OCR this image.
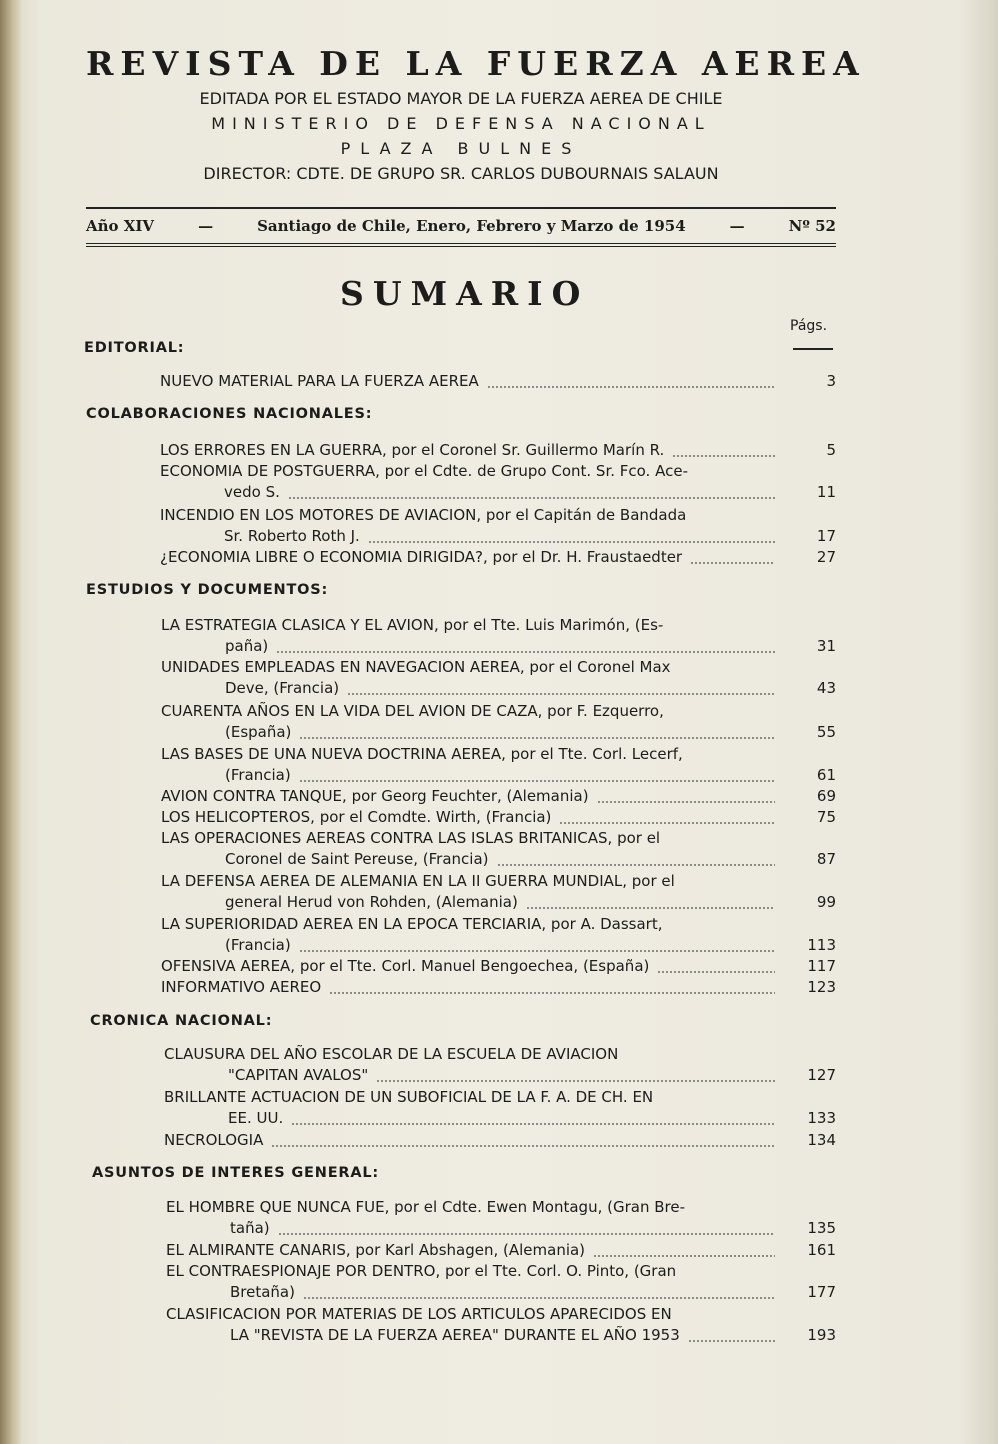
REVISTA DE LA FUERZA AEREA
EDITADA POR EL ESTADO MAYOR DE LA FUERZA AEREA DE CHILE
MINISTERIO DE DEFENSA NACIONAL
PLAZA BULNES
DIRECTOR: CDTE. DE GRUPO SR. CARLOS DUBOURNAIS SALAUN
Año XIV	—	Santiago de Chile, Enero, Febrero y Marzo de 1954	—	Nº 52
SUMARIO
Págs.
EDITORIAL:
NUEVO MATERIAL PARA LA FUERZA AEREA	3
COLABORACIONES NACIONALES:
LOS ERRORES EN LA GUERRA, por el Coronel Sr. Guillermo Marín R.	5
ECONOMIA DE POSTGUERRA, por el Cdte. de Grupo Cont. Sr. Fco. Ace-
vedo S.	11
INCENDIO EN LOS MOTORES DE AVIACION, por el Capitán de Bandada
Sr. Roberto Roth J.	17
¿ECONOMIA LIBRE O ECONOMIA DIRIGIDA?, por el Dr. H. Fraustaedter	27
ESTUDIOS Y DOCUMENTOS:
LA ESTRATEGIA CLASICA Y EL AVION, por el Tte. Luis Marimón, (Es-
paña)	31
UNIDADES EMPLEADAS EN NAVEGACION AEREA, por el Coronel Max
Deve, (Francia)	43
CUARENTA AÑOS EN LA VIDA DEL AVION DE CAZA, por F. Ezquerro,
(España)	55
LAS BASES DE UNA NUEVA DOCTRINA AEREA, por el Tte. Corl. Lecerf,
(Francia)	61
AVION CONTRA TANQUE, por Georg Feuchter, (Alemania)	69
LOS HELICOPTEROS, por el Comdte. Wirth, (Francia)	75
LAS OPERACIONES AEREAS CONTRA LAS ISLAS BRITANICAS, por el
Coronel de Saint Pereuse, (Francia)	87
LA DEFENSA AEREA DE ALEMANIA EN LA II GUERRA MUNDIAL, por el
general Herud von Rohden, (Alemania)	99
LA SUPERIORIDAD AEREA EN LA EPOCA TERCIARIA, por A. Dassart,
(Francia)	113
OFENSIVA AEREA, por el Tte. Corl. Manuel Bengoechea, (España)	117
INFORMATIVO AEREO	123
CRONICA NACIONAL:
CLAUSURA DEL AÑO ESCOLAR DE LA ESCUELA DE AVIACION
"CAPITAN AVALOS"	127
BRILLANTE ACTUACION DE UN SUBOFICIAL DE LA F. A. DE CH. EN
EE. UU.	133
NECROLOGIA	134
ASUNTOS DE INTERES GENERAL:
EL HOMBRE QUE NUNCA FUE, por el Cdte. Ewen Montagu, (Gran Bre-
taña)	135
EL ALMIRANTE CANARIS, por Karl Abshagen, (Alemania)	161
EL CONTRAESPIONAJE POR DENTRO, por el Tte. Corl. O. Pinto, (Gran
Bretaña)	177
CLASIFICACION POR MATERIAS DE LOS ARTICULOS APARECIDOS EN
LA "REVISTA DE LA FUERZA AEREA" DURANTE EL AÑO 1953	193
